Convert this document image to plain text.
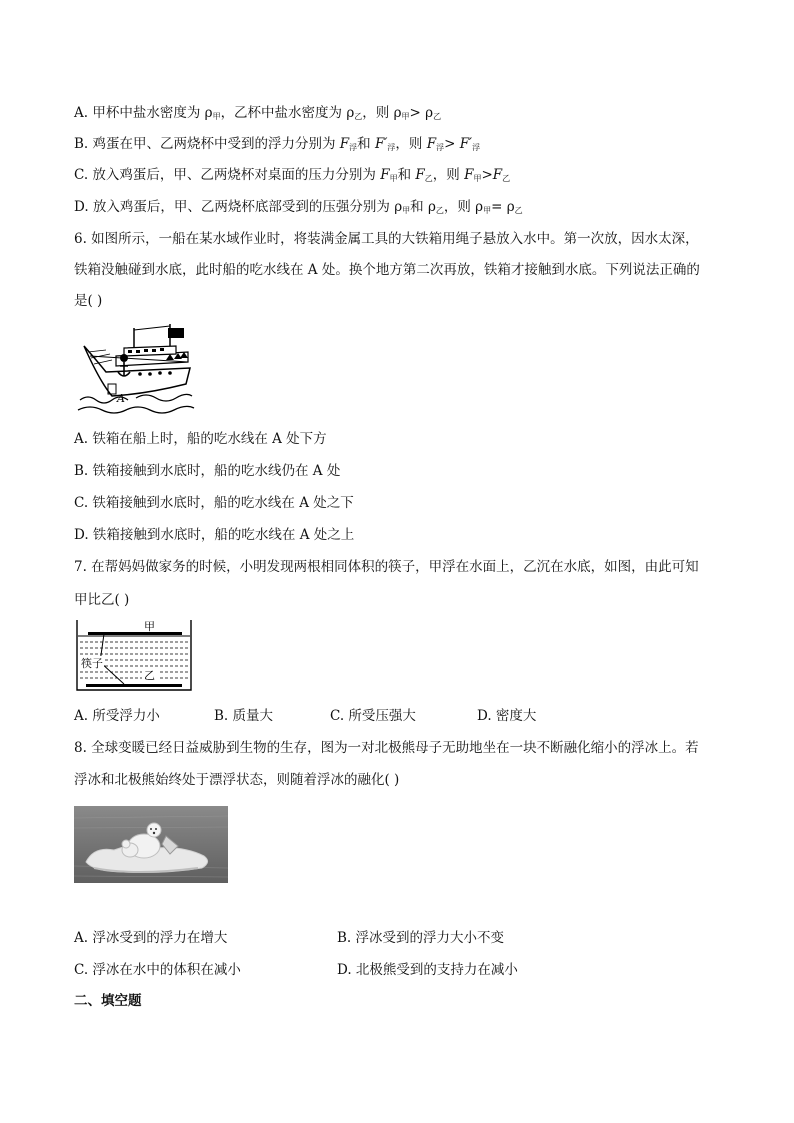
A. 甲杯中盐水密度为 $\rho_甲$，乙杯中盐水密度为 $\rho_乙$，则 $\rho_甲> \rho_乙$
B. 鸡蛋在甲、乙两烧杯中受到的浮力分别为 $F_浮$和 $F'_浮$，则 $F_浮> F'_浮$
C. 放入鸡蛋后，甲、乙两烧杯对桌面的压力分别为 $F_甲$和 $F_乙$，则 $F_甲>F_乙$
D. 放入鸡蛋后，甲、乙两烧杯底部受到的压强分别为 $\rho_甲$和 $\rho_乙$，则 $\rho_甲= \rho_乙$
6. 如图所示，一船在某水域作业时，将装满金属工具的大铁箱用绳子悬放入水中。第一次放，因水太深，
铁箱没触碰到水底，此时船的吃水线在 A 处。换个地方第二次再放，铁箱才接触到水底。下列说法正确的
是( )
A
A. 铁箱在船上时，船的吃水线在 A 处下方
B. 铁箱接触到水底时，船的吃水线仍在 A 处
C. 铁箱接触到水底时，船的吃水线在 A 处之下
D. 铁箱接触到水底时，船的吃水线在 A 处之上
7. 在帮妈妈做家务的时候，小明发现两根相同体积的筷子，甲浮在水面上，乙沉在水底，如图，由此可知
甲比乙( )
甲
筷子
乙
A. 所受浮力小	B. 质量大	C. 所受压强大	D. 密度大
8. 全球变暖已经日益威胁到生物的生存，图为一对北极熊母子无助地坐在一块不断融化缩小的浮冰上。若
浮冰和北极熊始终处于漂浮状态，则随着浮冰的融化( )
A. 浮冰受到的浮力在增大	B. 浮冰受到的浮力大小不变
C. 浮冰在水中的体积在减小	D. 北极熊受到的支持力在减小
二、填空题
